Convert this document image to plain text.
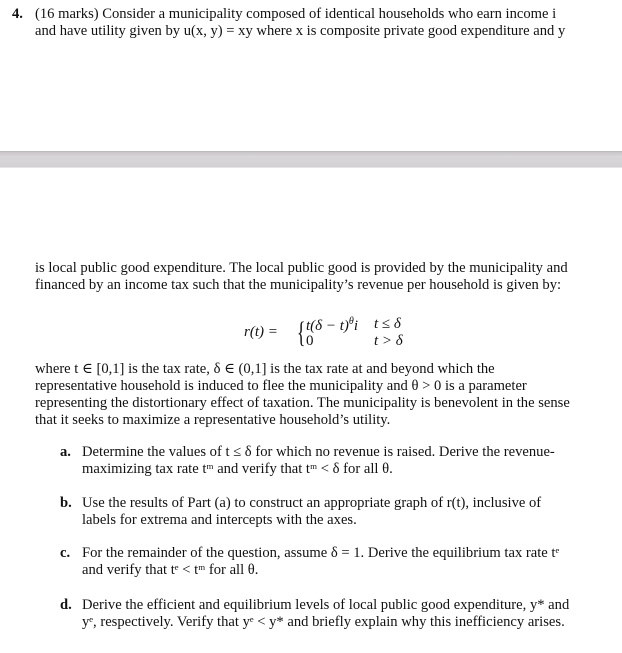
4. (16 marks) Consider a municipality composed of identical households who earn income i
and have utility given by u(x, y) = xy where x is composite private good expenditure and y
is local public good expenditure. The local public good is provided by the municipality and
financed by an income tax such that the municipality’s revenue per household is given by:
r(t) = { $t(\delta - t)^\theta i$ t ≤ δ
0	t > δ
where t ∈ [0,1] is the tax rate, δ ∈ (0,1] is the tax rate at and beyond which the
representative household is induced to flee the municipality and θ > 0 is a parameter
representing the distortionary effect of taxation. The municipality is benevolent in the sense
that it seeks to maximize a representative household’s utility.
a. Determine the values of t ≤ δ for which no revenue is raised. Derive the revenue-
maximizing tax rate tᵐ and verify that tᵐ < δ for all θ.
b. Use the results of Part (a) to construct an appropriate graph of r(t), inclusive of
labels for extrema and intercepts with the axes.
c. For the remainder of the question, assume δ = 1. Derive the equilibrium tax rate tᵉ
and verify that tᵉ < tᵐ for all θ.
d. Derive the efficient and equilibrium levels of local public good expenditure, y* and
yᵉ, respectively. Verify that yᵉ < y* and briefly explain why this inefficiency arises.
